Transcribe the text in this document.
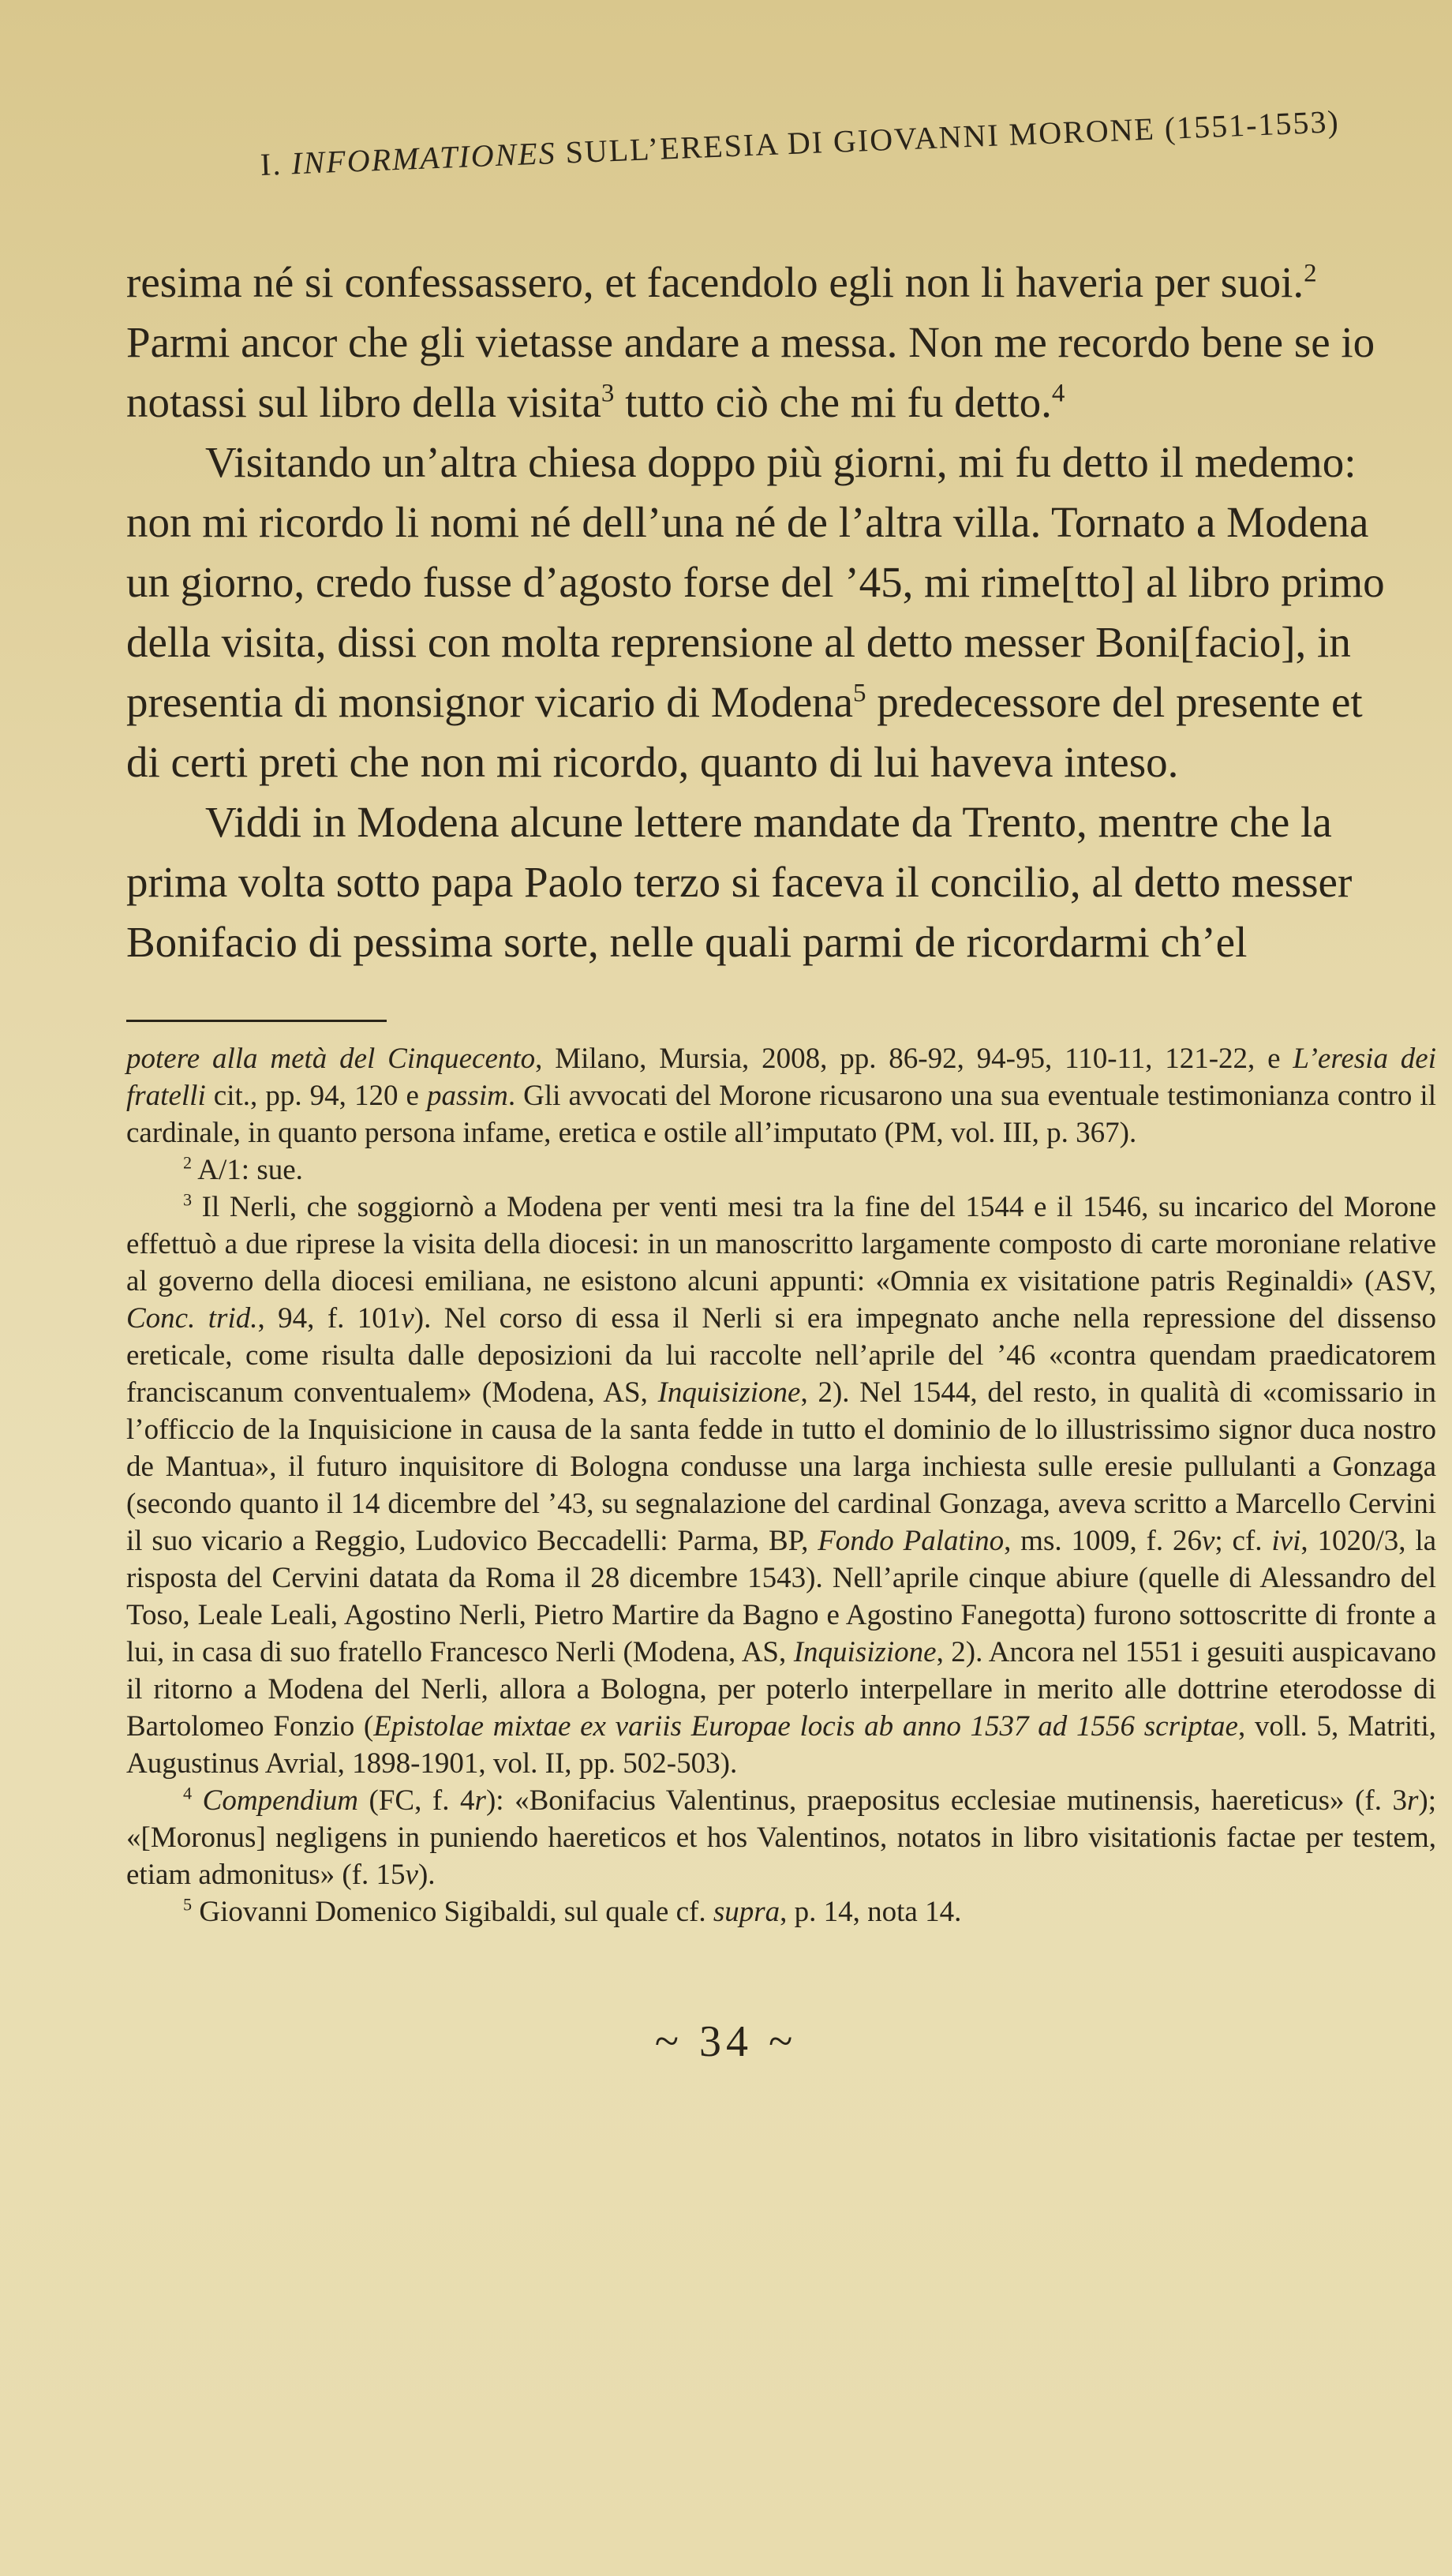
I. INFORMATIONES SULL’ERESIA DI GIOVANNI MORONE (1551-1553)

resima né si confessassero, et facendolo egli non li haveria per suoi.$^2$ Parmi ancor che gli vietasse andare a messa. Non me recordo bene se io notassi sul libro della visita$^3$ tutto ciò che mi fu detto.$^4$

Visitando un’altra chiesa doppo più giorni, mi fu detto il medemo: non mi ricordo li nomi né dell’una né de l’altra villa. Tornato a Modena un giorno, credo fusse d’agosto forse del ’45, mi rime[tto] al libro primo della visita, dissi con molta reprensione al detto messer Boni[facio], in presentia di monsignor vicario di Modena$^5$ predecessore del presente et di certi preti che non mi ricordo, quanto di lui haveva inteso.

Viddi in Modena alcune lettere mandate da Trento, mentre che la prima volta sotto papa Paolo terzo si faceva il concilio, al detto messer Bonifacio di pessima sorte, nelle quali parmi de ricordarmi ch’el

potere alla metà del Cinquecento, Milano, Mursia, 2008, pp. 86-92, 94-95, 110-11, 121-22, e L’eresia dei fratelli cit., pp. 94, 120 e passim. Gli avvocati del Morone ricusarono una sua eventuale testimonianza contro il cardinale, in quanto persona infame, eretica e ostile all’imputato (PM, vol. III, p. 367).

$^2$ A/1: sue.

$^3$ Il Nerli, che soggiornò a Modena per venti mesi tra la fine del 1544 e il 1546, su incarico del Morone effettuò a due riprese la visita della diocesi: in un manoscritto largamente composto di carte moroniane relative al governo della diocesi emiliana, ne esistono alcuni appunti: «Omnia ex visitatione patris Reginaldi» (ASV, Conc. trid., 94, f. 101v). Nel corso di essa il Nerli si era impegnato anche nella repressione del dissenso ereticale, come risulta dalle deposizioni da lui raccolte nell’aprile del ’46 «contra quendam praedicatorem franciscanum conventualem» (Modena, AS, Inquisizione, 2). Nel 1544, del resto, in qualità di «comissario in l’officcio de la Inquisicione in causa de la santa fedde in tutto el dominio de lo illustrissimo signor duca nostro de Mantua», il futuro inquisitore di Bologna condusse una larga inchiesta sulle eresie pullulanti a Gonzaga (secondo quanto il 14 dicembre del ’43, su segnalazione del cardinal Gonzaga, aveva scritto a Marcello Cervini il suo vicario a Reggio, Ludovico Beccadelli: Parma, BP, Fondo Palatino, ms. 1009, f. 26v; cf. ivi, 1020/3, la risposta del Cervini datata da Roma il 28 dicembre 1543). Nell’aprile cinque abiure (quelle di Alessandro del Toso, Leale Leali, Agostino Nerli, Pietro Martire da Bagno e Agostino Fanegotta) furono sottoscritte di fronte a lui, in casa di suo fratello Francesco Nerli (Modena, AS, Inquisizione, 2). Ancora nel 1551 i gesuiti auspicavano il ritorno a Modena del Nerli, allora a Bologna, per poterlo interpellare in merito alle dottrine eterodosse di Bartolomeo Fonzio (Epistolae mixtae ex variis Europae locis ab anno 1537 ad 1556 scriptae, voll. 5, Matriti, Augustinus Avrial, 1898-1901, vol. II, pp. 502-503).

$^4$ Compendium (FC, f. 4r): «Bonifacius Valentinus, praepositus ecclesiae mutinensis, haereticus» (f. 3r); «[Moronus] negligens in puniendo haereticos et hos Valentinos, notatos in libro visitationis factae per testem, etiam admonitus» (f. 15v).

$^5$ Giovanni Domenico Sigibaldi, sul quale cf. supra, p. 14, nota 14.

~ 34 ~
